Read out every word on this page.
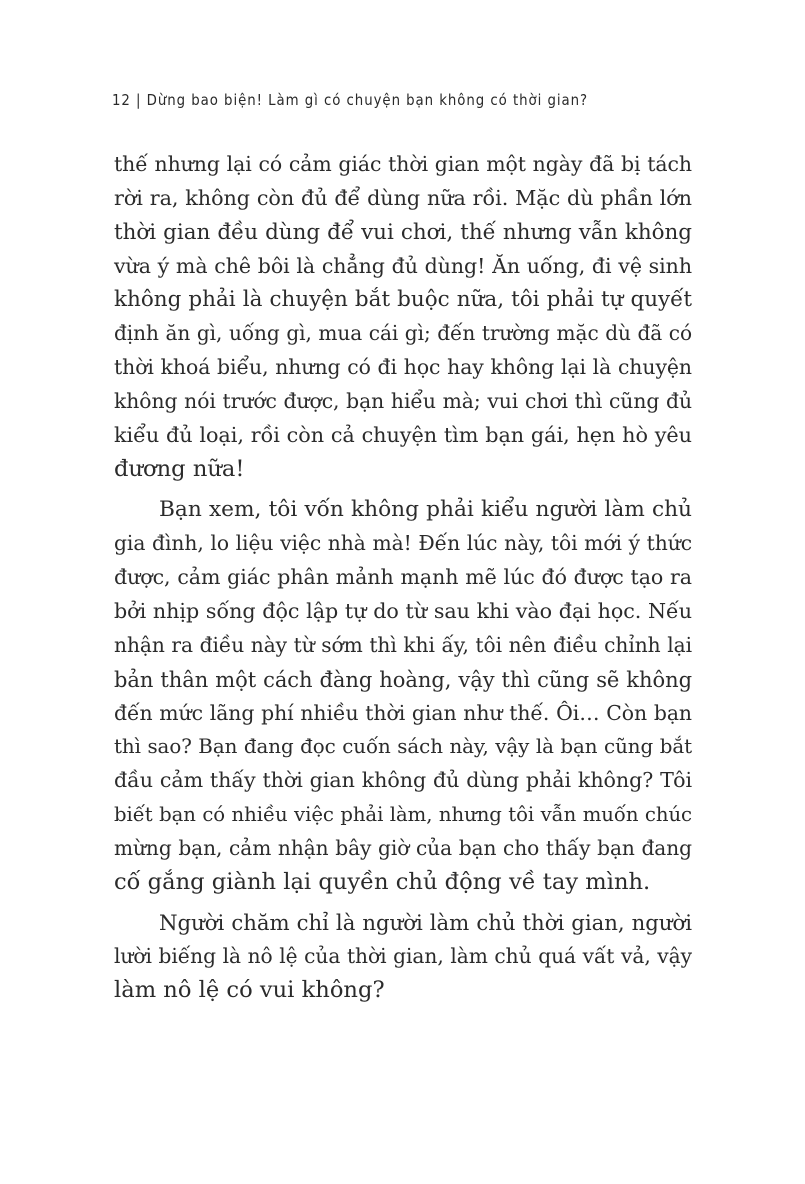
12 | Dừng bao biện! Làm gì có chuyện bạn không có thời gian?

thế nhưng lại có cảm giác thời gian một ngày đã bị tách
rời ra, không còn đủ để dùng nữa rồi. Mặc dù phần lớn
thời gian đều dùng để vui chơi, thế nhưng vẫn không
vừa ý mà chê bôi là chẳng đủ dùng! Ăn uống, đi vệ sinh
không phải là chuyện bắt buộc nữa, tôi phải tự quyết
định ăn gì, uống gì, mua cái gì; đến trường mặc dù đã có
thời khoá biểu, nhưng có đi học hay không lại là chuyện
không nói trước được, bạn hiểu mà; vui chơi thì cũng đủ
kiểu đủ loại, rồi còn cả chuyện tìm bạn gái, hẹn hò yêu
đương nữa!

Bạn xem, tôi vốn không phải kiểu người làm chủ
gia đình, lo liệu việc nhà mà! Đến lúc này, tôi mới ý thức
được, cảm giác phân mảnh mạnh mẽ lúc đó được tạo ra
bởi nhịp sống độc lập tự do từ sau khi vào đại học. Nếu
nhận ra điều này từ sớm thì khi ấy, tôi nên điều chỉnh lại
bản thân một cách đàng hoàng, vậy thì cũng sẽ không
đến mức lãng phí nhiều thời gian như thế. Ôi… Còn bạn
thì sao? Bạn đang đọc cuốn sách này, vậy là bạn cũng bắt
đầu cảm thấy thời gian không đủ dùng phải không? Tôi
biết bạn có nhiều việc phải làm, nhưng tôi vẫn muốn chúc
mừng bạn, cảm nhận bây giờ của bạn cho thấy bạn đang
cố gắng giành lại quyền chủ động về tay mình.

Người chăm chỉ là người làm chủ thời gian, người
lười biếng là nô lệ của thời gian, làm chủ quá vất vả, vậy
làm nô lệ có vui không?
